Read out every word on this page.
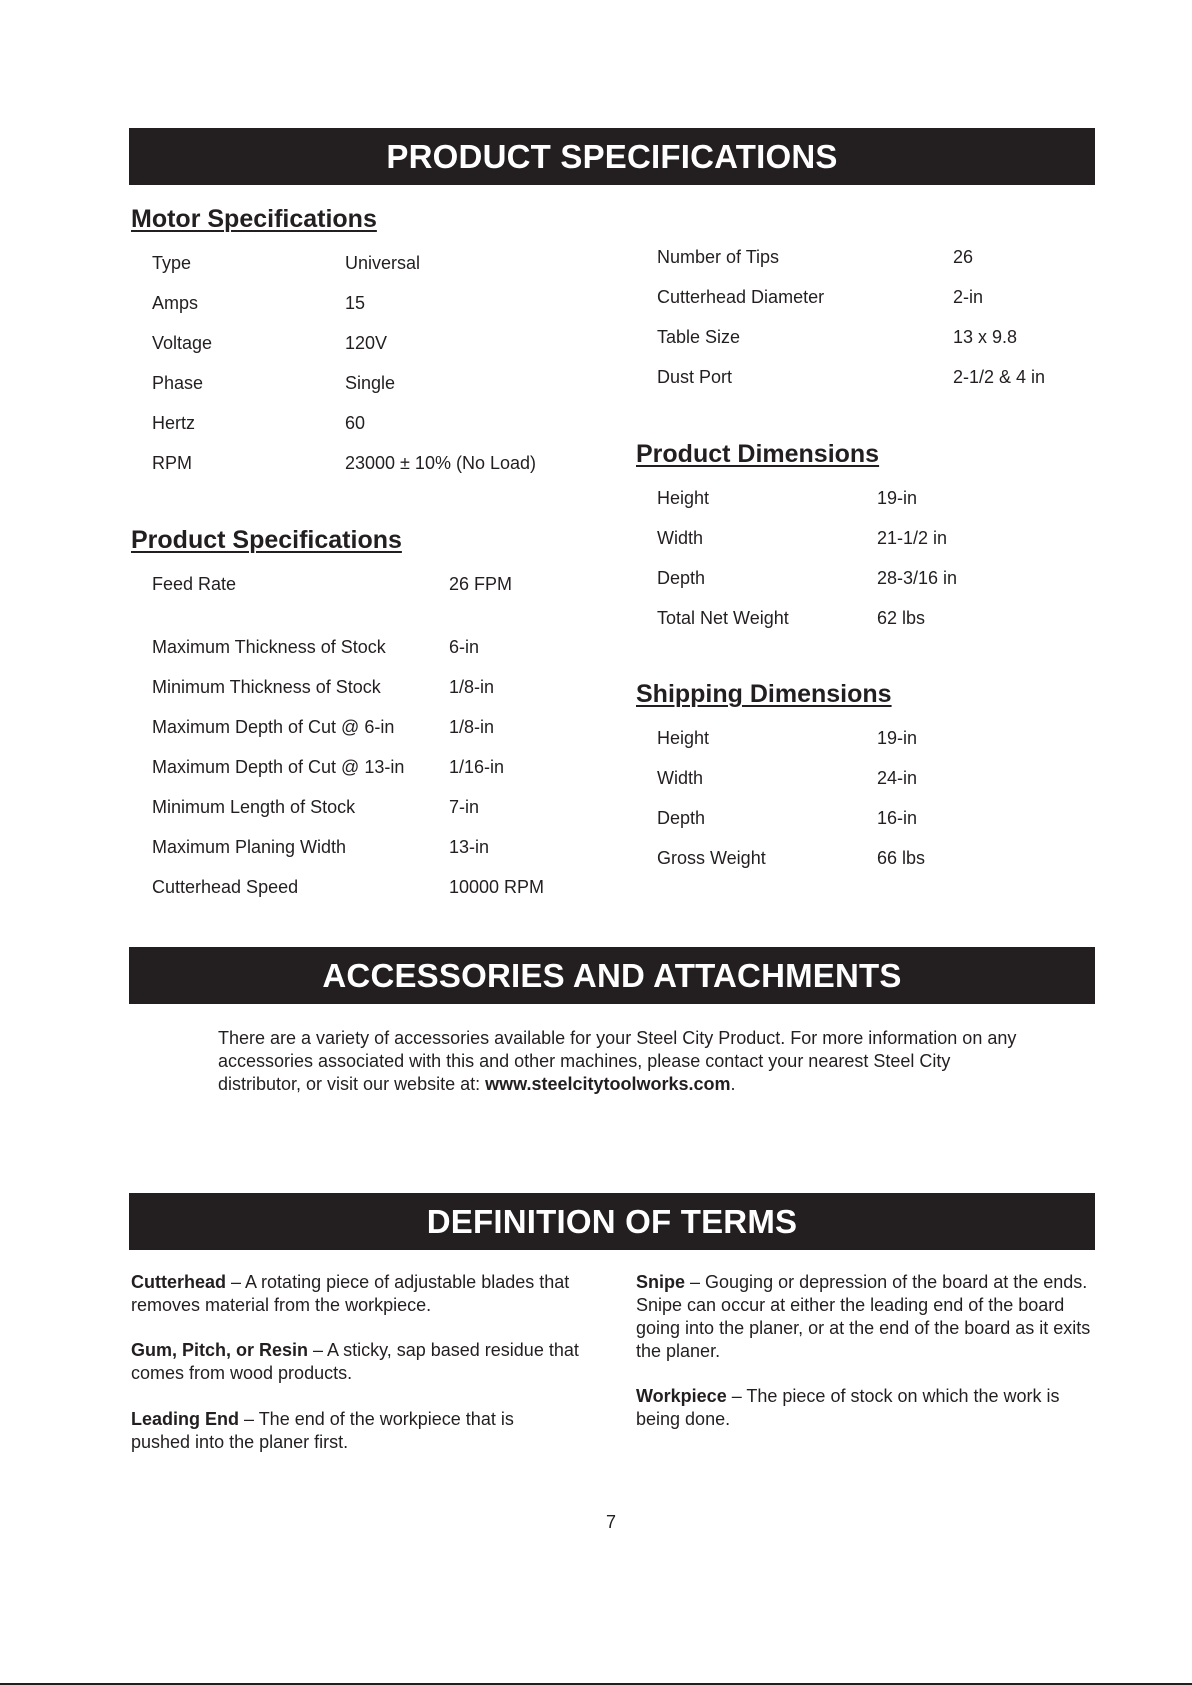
PRODUCT SPECIFICATIONS
Motor Specifications
Type	Universal
Amps	15
Voltage	120V
Phase	Single
Hertz	60
RPM	23000 ± 10% (No Load)
Product Specifications
Feed Rate	26 FPM
Maximum Thickness of Stock	6-in
Minimum Thickness of Stock	1/8-in
Maximum Depth of Cut @ 6-in	1/8-in
Maximum Depth of Cut @ 13-in 1/16-in
Minimum Length of Stock	7-in
Maximum Planing Width	13-in
Cutterhead Speed	10000 RPM
Number of Tips	26
Cutterhead Diameter	2-in
Table Size	13 x 9.8
Dust Port	2-1/2 & 4 in
Product Dimensions
Height	19-in
Width	21-1/2 in
Depth	28-3/16 in
Total Net Weight	62 lbs
Shipping Dimensions
Height	19-in
Width	24-in
Depth	16-in
Gross Weight	66 lbs
ACCESSORIES AND ATTACHMENTS
There are a variety of accessories available for your Steel City Product. For more information on any accessories associated with this and other machines, please contact your nearest Steel City distributor, or visit our website at: www.steelcitytoolworks.com.
DEFINITION OF TERMS
Cutterhead – A rotating piece of adjustable blades that removes material from the workpiece.
Gum, Pitch, or Resin – A sticky, sap based residue that comes from wood products.
Leading End – The end of the workpiece that is pushed into the planer first.
Snipe – Gouging or depression of the board at the ends. Snipe can occur at either the leading end of the board going into the planer, or at the end of the board as it exits the planer.
Workpiece – The piece of stock on which the work is being done.
7
